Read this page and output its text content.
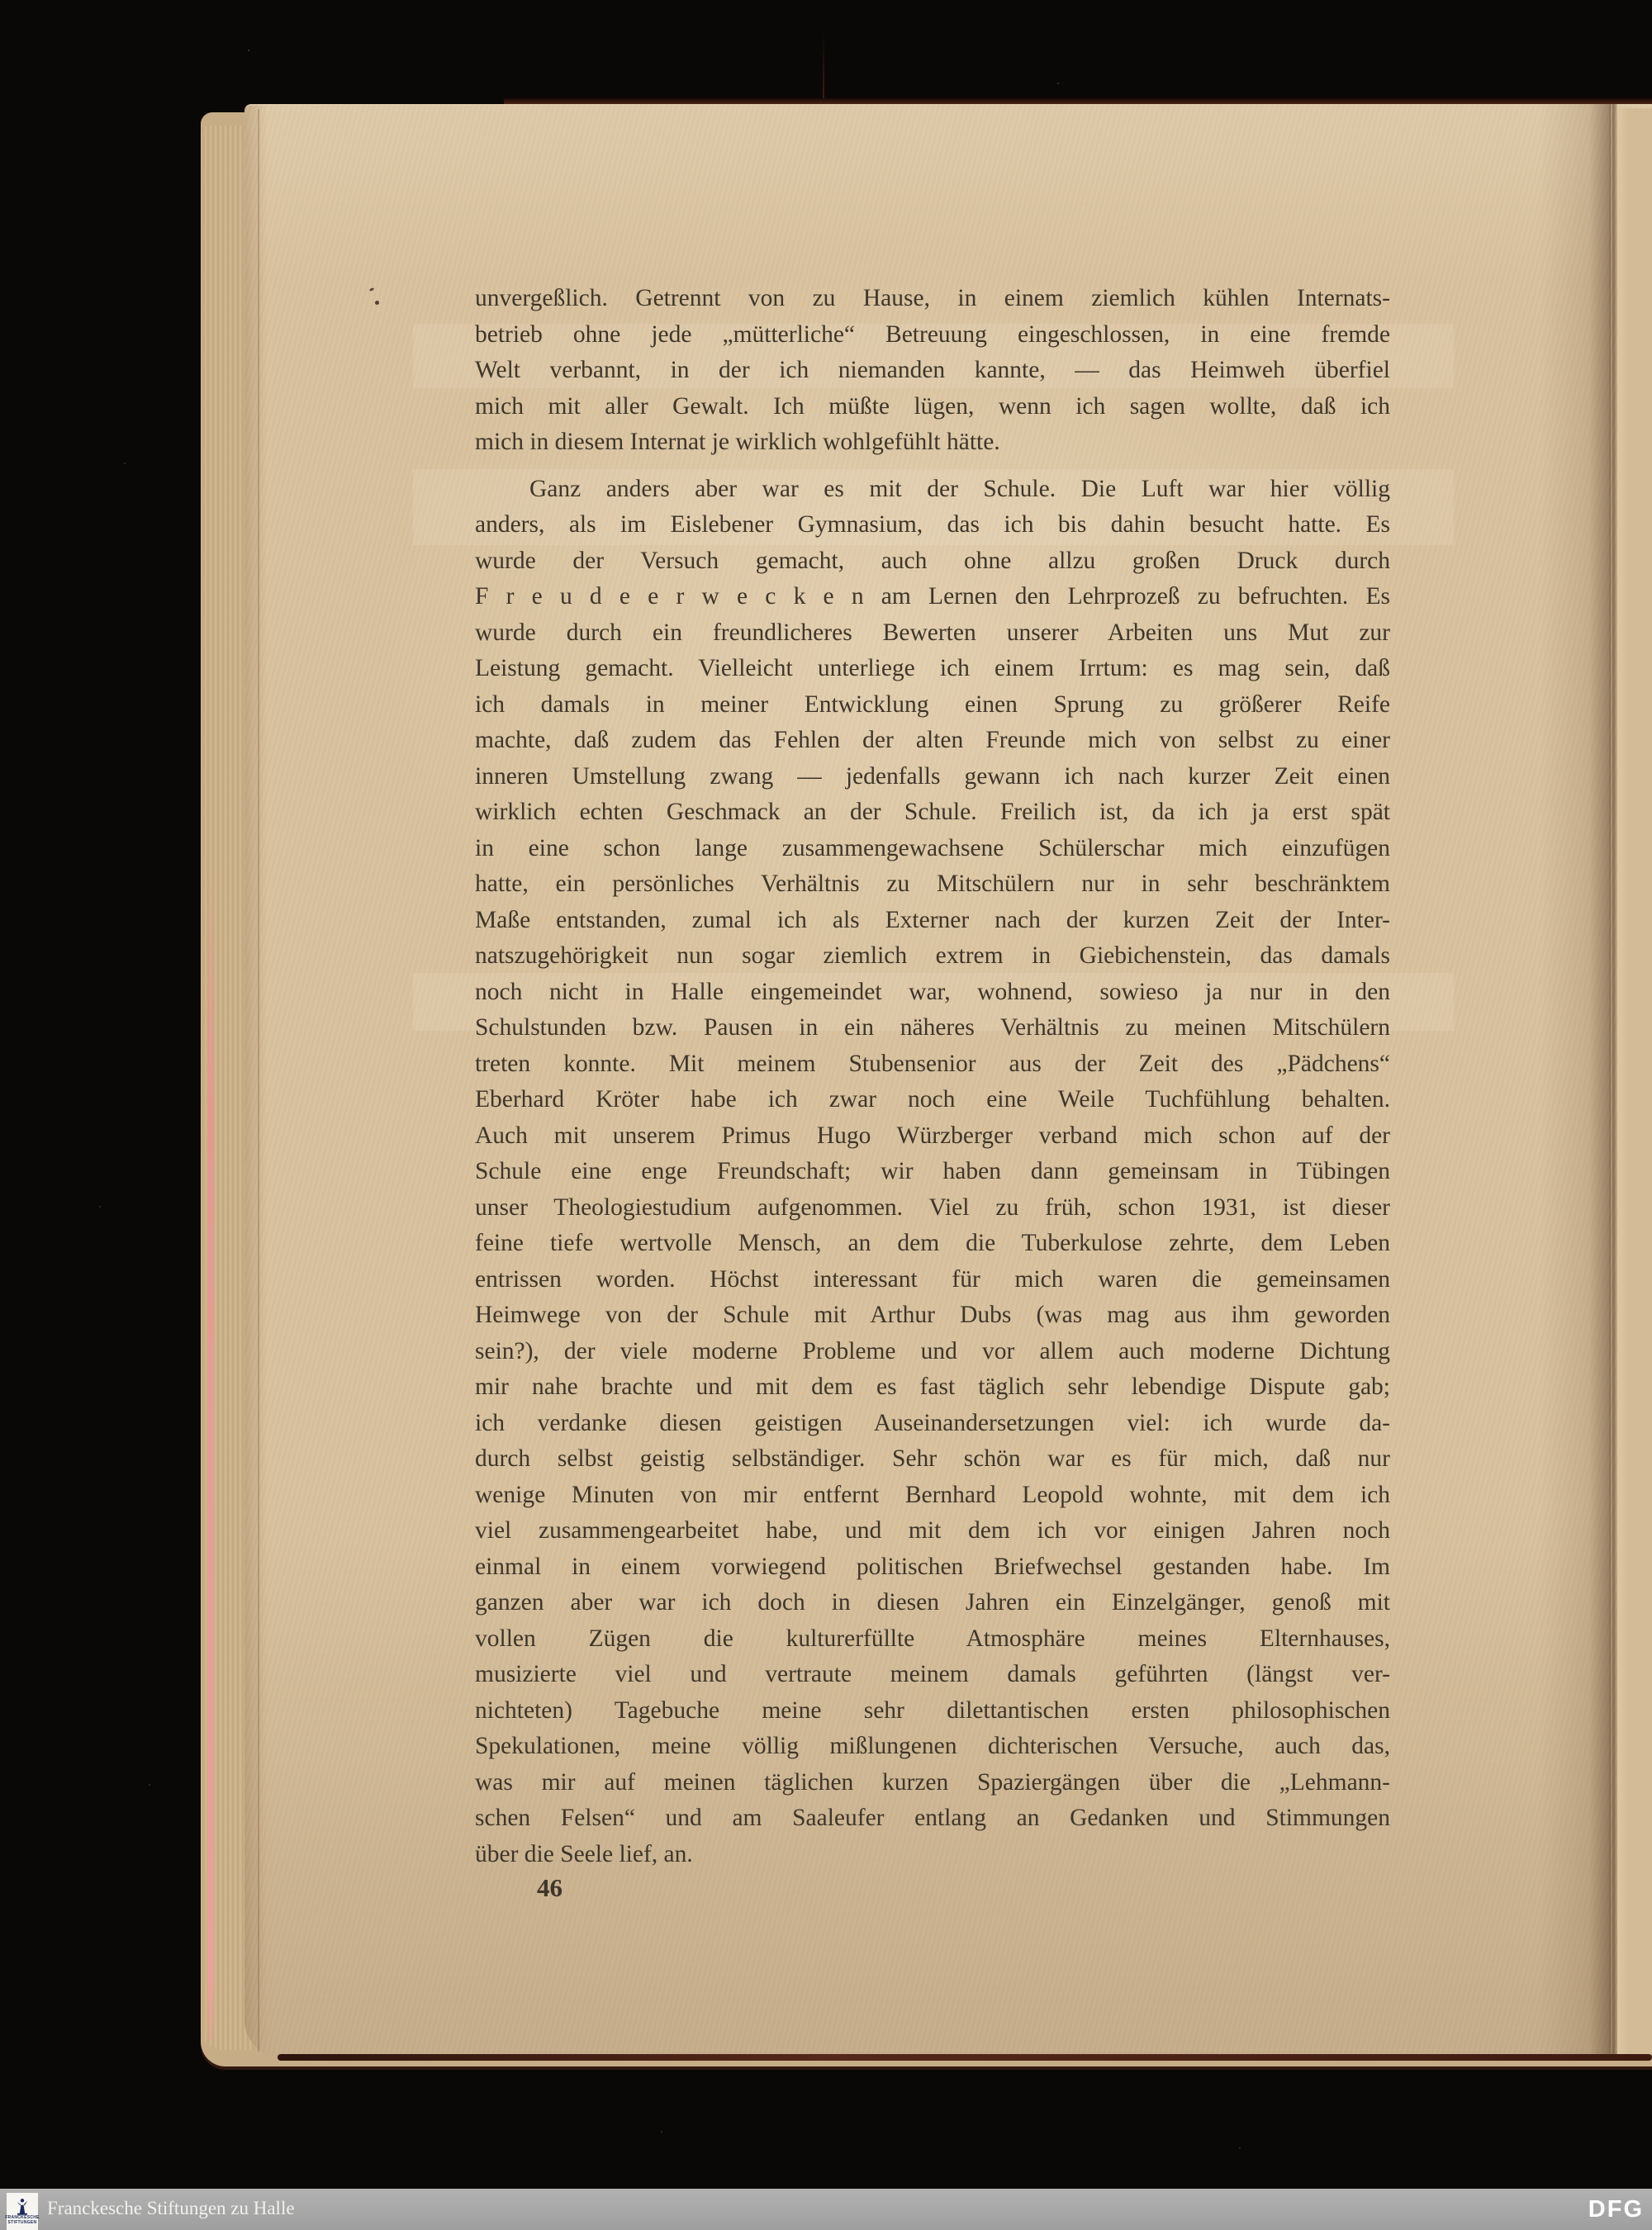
unvergeßlich. Getrennt von zu Hause, in einem ziemlich kühlen Internats-
betrieb ohne jede „mütterliche“ Betreuung eingeschlossen, in eine fremde
Welt verbannt, in der ich niemanden kannte, — das Heimweh überfiel
mich mit aller Gewalt. Ich müßte lügen, wenn ich sagen wollte, daß ich
mich in diesem Internat je wirklich wohlgefühlt hätte.
Ganz anders aber war es mit der Schule. Die Luft war hier völlig
anders, als im Eislebener Gymnasium, das ich bis dahin besucht hatte. Es
wurde der Versuch gemacht, auch ohne allzu großen Druck durch
F r e u d e e r w e c k e n am Lernen den Lehrprozeß zu befruchten. Es
wurde durch ein freundlicheres Bewerten unserer Arbeiten uns Mut zur
Leistung gemacht. Vielleicht unterliege ich einem Irrtum: es mag sein, daß
ich damals in meiner Entwicklung einen Sprung zu größerer Reife
machte, daß zudem das Fehlen der alten Freunde mich von selbst zu einer
inneren Umstellung zwang — jedenfalls gewann ich nach kurzer Zeit einen
wirklich echten Geschmack an der Schule. Freilich ist, da ich ja erst spät
in eine schon lange zusammengewachsene Schülerschar mich einzufügen
hatte, ein persönliches Verhältnis zu Mitschülern nur in sehr beschränktem
Maße entstanden, zumal ich als Externer nach der kurzen Zeit der Inter-
natszugehörigkeit nun sogar ziemlich extrem in Giebichenstein, das damals
noch nicht in Halle eingemeindet war, wohnend, sowieso ja nur in den
Schulstunden bzw. Pausen in ein näheres Verhältnis zu meinen Mitschülern
treten konnte. Mit meinem Stubensenior aus der Zeit des „Pädchens“
Eberhard Kröter habe ich zwar noch eine Weile Tuchfühlung behalten.
Auch mit unserem Primus Hugo Würzberger verband mich schon auf der
Schule eine enge Freundschaft; wir haben dann gemeinsam in Tübingen
unser Theologiestudium aufgenommen. Viel zu früh, schon 1931, ist dieser
feine tiefe wertvolle Mensch, an dem die Tuberkulose zehrte, dem Leben
entrissen worden. Höchst interessant für mich waren die gemeinsamen
Heimwege von der Schule mit Arthur Dubs (was mag aus ihm geworden
sein?), der viele moderne Probleme und vor allem auch moderne Dichtung
mir nahe brachte und mit dem es fast täglich sehr lebendige Dispute gab;
ich verdanke diesen geistigen Auseinandersetzungen viel: ich wurde da-
durch selbst geistig selbständiger. Sehr schön war es für mich, daß nur
wenige Minuten von mir entfernt Bernhard Leopold wohnte, mit dem ich
viel zusammengearbeitet habe, und mit dem ich vor einigen Jahren noch
einmal in einem vorwiegend politischen Briefwechsel gestanden habe. Im
ganzen aber war ich doch in diesen Jahren ein Einzelgänger, genoß mit
vollen Zügen die kulturerfüllte Atmosphäre meines Elternhauses,
musizierte viel und vertraute meinem damals geführten (längst ver-
nichteten) Tagebuche meine sehr dilettantischen ersten philosophischen
Spekulationen, meine völlig mißlungenen dichterischen Versuche, auch das,
was mir auf meinen täglichen kurzen Spaziergängen über die „Lehmann-
schen Felsen“ und am Saaleufer entlang an Gedanken und Stimmungen
über die Seele lief, an.
46
FRANCKESCHE
STIFTUNGEN
Franckesche Stiftungen zu Halle	DFG
